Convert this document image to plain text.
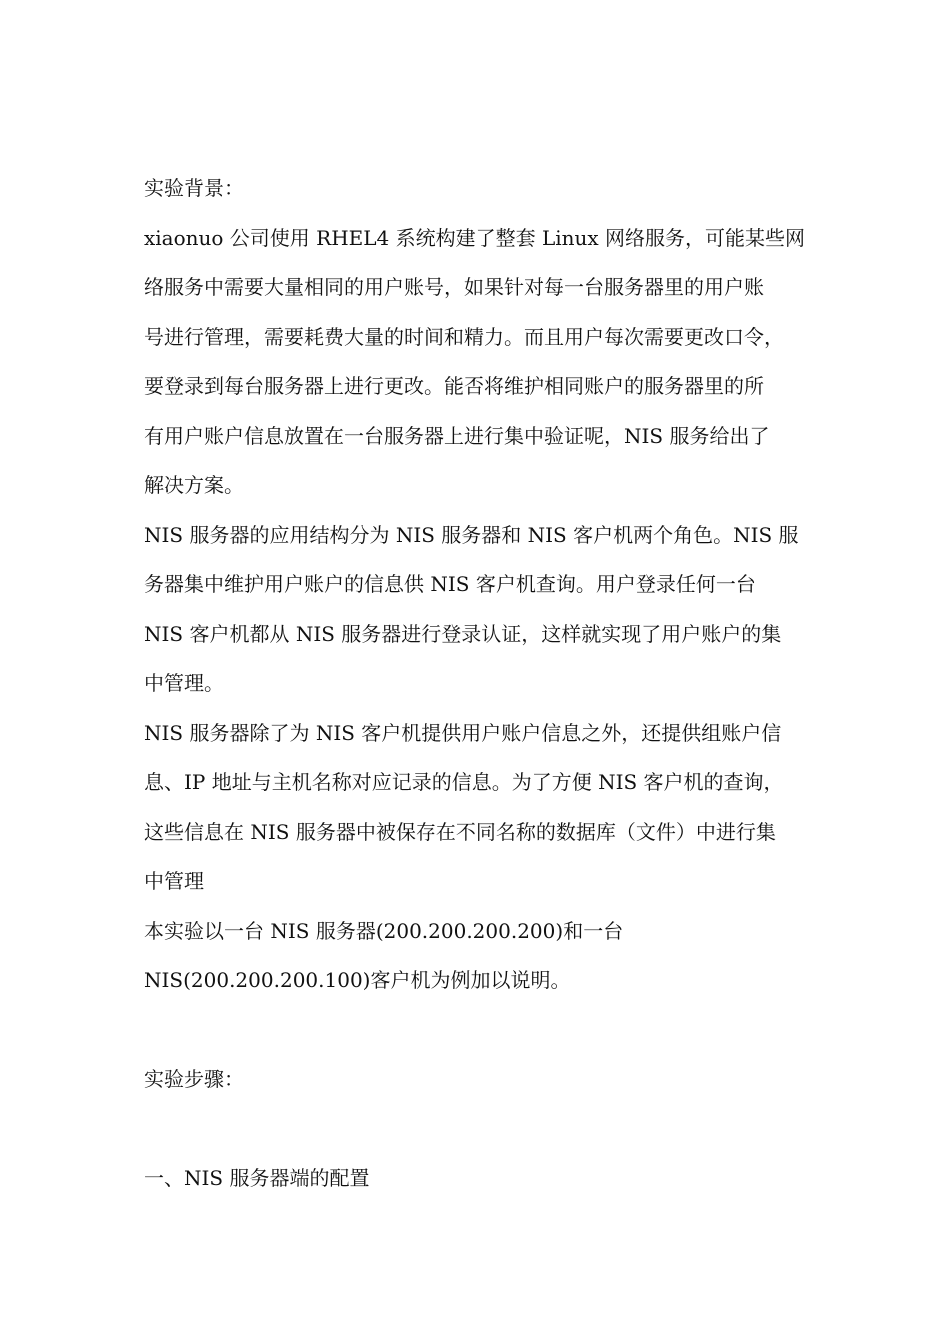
实验背景：
xiaonuo 公司使用 RHEL4 系统构建了整套 Linux 网络服务，可能某些网
络服务中需要大量相同的用户账号，如果针对每一台服务器里的用户账
号进行管理，需要耗费大量的时间和精力。而且用户每次需要更改口令，
要登录到每台服务器上进行更改。能否将维护相同账户的服务器里的所
有用户账户信息放置在一台服务器上进行集中验证呢，NIS 服务给出了
解决方案。
NIS 服务器的应用结构分为 NIS 服务器和 NIS 客户机两个角色。NIS 服
务器集中维护用户账户的信息供 NIS 客户机查询。用户登录任何一台
NIS 客户机都从 NIS 服务器进行登录认证，这样就实现了用户账户的集
中管理。
NIS 服务器除了为 NIS 客户机提供用户账户信息之外，还提供组账户信
息、IP 地址与主机名称对应记录的信息。为了方便 NIS 客户机的查询，
这些信息在 NIS 服务器中被保存在不同名称的数据库（文件）中进行集
中管理
本实验以一台 NIS 服务器(200.200.200.200)和一台
NIS(200.200.200.100)客户机为例加以说明。
实验步骤：
一、NIS 服务器端的配置
